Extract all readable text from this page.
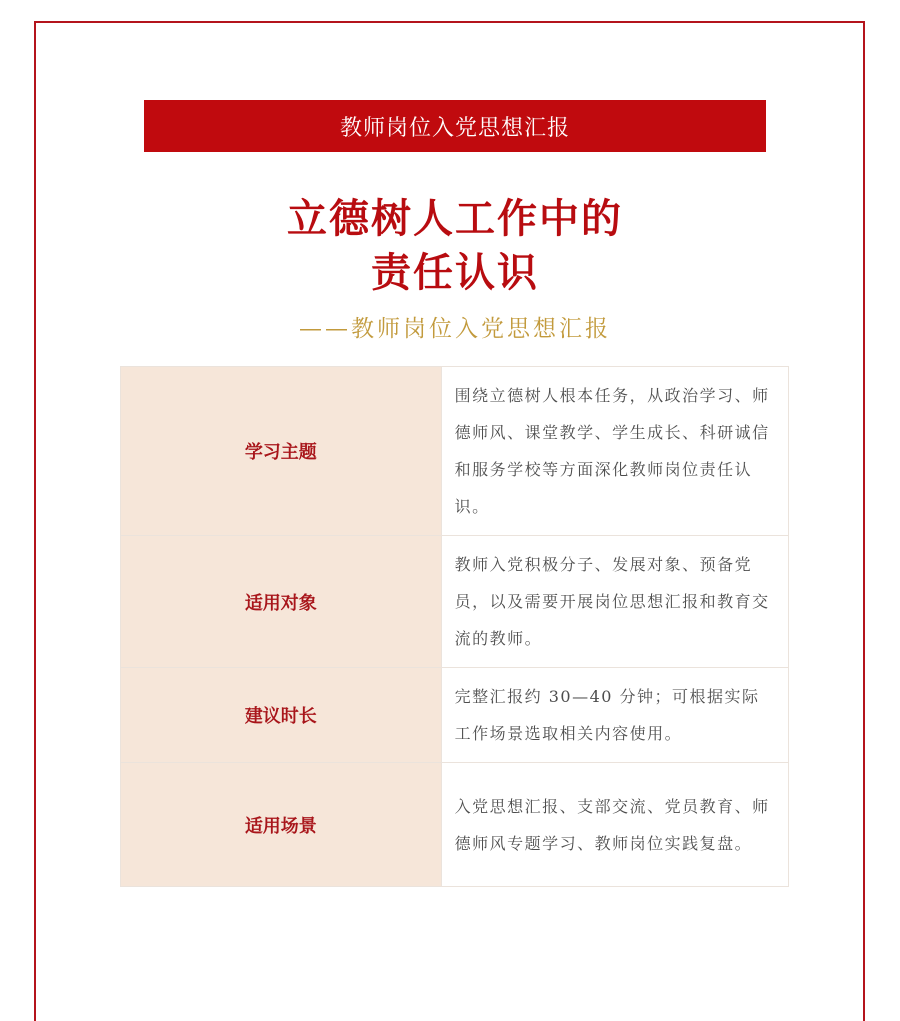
教师岗位入党思想汇报
立德树人工作中的
责任认识
——教师岗位入党思想汇报
学习主题	围绕立德树人根本任务，从政治学习、师德师风、课堂教学、学生成长、科研诚信和服务学校等方面深化教师岗位责任认识。
适用对象	教师入党积极分子、发展对象、预备党员，以及需要开展岗位思想汇报和教育交流的教师。
建议时长	完整汇报约 30—40 分钟；可根据实际工作场景选取相关内容使用。
适用场景	入党思想汇报、支部交流、党员教育、师德师风专题学习、教师岗位实践复盘。
